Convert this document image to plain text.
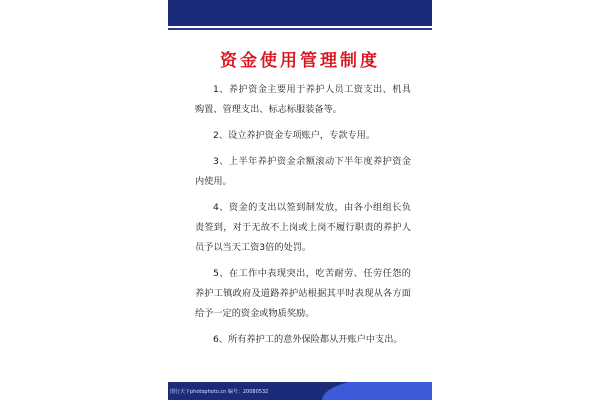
资金使用管理制度
1、养护资金主要用于养护人员工资支出、机具购置、管理支出、标志标服装备等。
2、设立养护资金专项账户，专款专用。
3、上半年养护资金余额滚动下半年度养护资金内使用。
4、资金的支出以签到制发放，由各小组组长负责签到，对于无故不上岗或上岗不履行职责的养护人员予以当天工资3倍的处罚。
5、在工作中表现突出，吃苦耐劳、任劳任怨的养护工镇政府及道路养护站根据其平时表现从各方面给予一定的资金或物质奖励。
6、所有养护工的意外保险都从开账户中支出。
图行天下photophoto.cn 编号：20080532
